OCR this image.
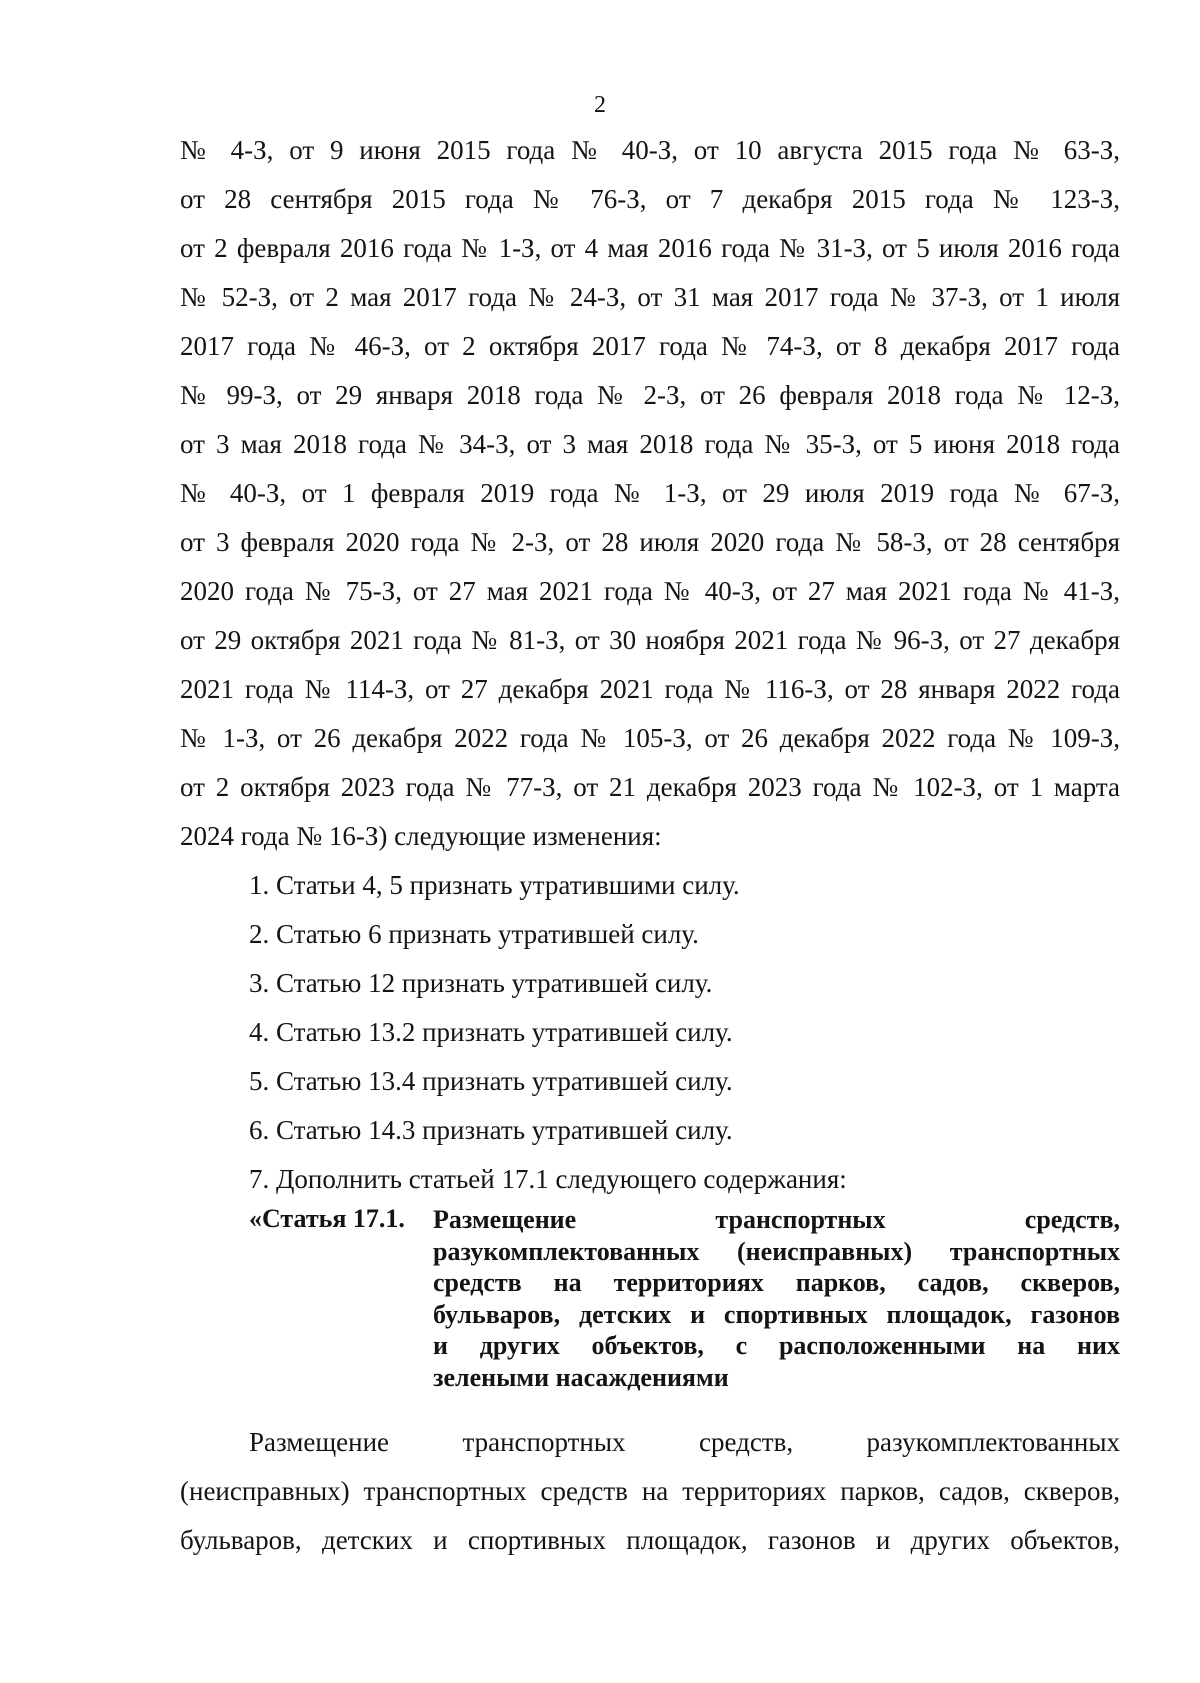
2
№ 4-З, от 9 июня 2015 года № 40-З, от 10 августа 2015 года № 63-З,
от 28 сентября 2015 года № 76-З, от 7 декабря 2015 года № 123-З,
от 2 февраля 2016 года № 1-З, от 4 мая 2016 года № 31-З, от 5 июля 2016 года
№ 52-З, от 2 мая 2017 года № 24-З, от 31 мая 2017 года № 37-З, от 1 июля
2017 года № 46-З, от 2 октября 2017 года № 74-З, от 8 декабря 2017 года
№ 99-З, от 29 января 2018 года № 2-З, от 26 февраля 2018 года № 12-З,
от 3 мая 2018 года № 34-З, от 3 мая 2018 года № 35-З, от 5 июня 2018 года
№ 40-З, от 1 февраля 2019 года № 1-З, от 29 июля 2019 года № 67-З,
от 3 февраля 2020 года № 2-З, от 28 июля 2020 года № 58-З, от 28 сентября
2020 года № 75-З, от 27 мая 2021 года № 40-З, от 27 мая 2021 года № 41-З,
от 29 октября 2021 года № 81-З, от 30 ноября 2021 года № 96-З, от 27 декабря
2021 года № 114-З, от 27 декабря 2021 года № 116-З, от 28 января 2022 года
№ 1-З, от 26 декабря 2022 года № 105-З, от 26 декабря 2022 года № 109-З,
от 2 октября 2023 года № 77-З, от 21 декабря 2023 года № 102-З, от 1 марта
2024 года № 16-З) следующие изменения:
1. Статьи 4, 5 признать утратившими силу.
2. Статью 6 признать утратившей силу.
3. Статью 12 признать утратившей силу.
4. Статью 13.2 признать утратившей силу.
5. Статью 13.4 признать утратившей силу.
6. Статью 14.3 признать утратившей силу.
7. Дополнить статьей 17.1 следующего содержания:
«Статья 17.1.	Размещение транспортных средств,
разукомплектованных (неисправных) транспортных
средств на территориях парков, садов, скверов,
бульваров, детских и спортивных площадок, газонов
и других объектов, с расположенными на них
зелеными насаждениями
Размещение транспортных средств, разукомплектованных
(неисправных) транспортных средств на территориях парков, садов, скверов,
бульваров, детских и спортивных площадок, газонов и других объектов,
